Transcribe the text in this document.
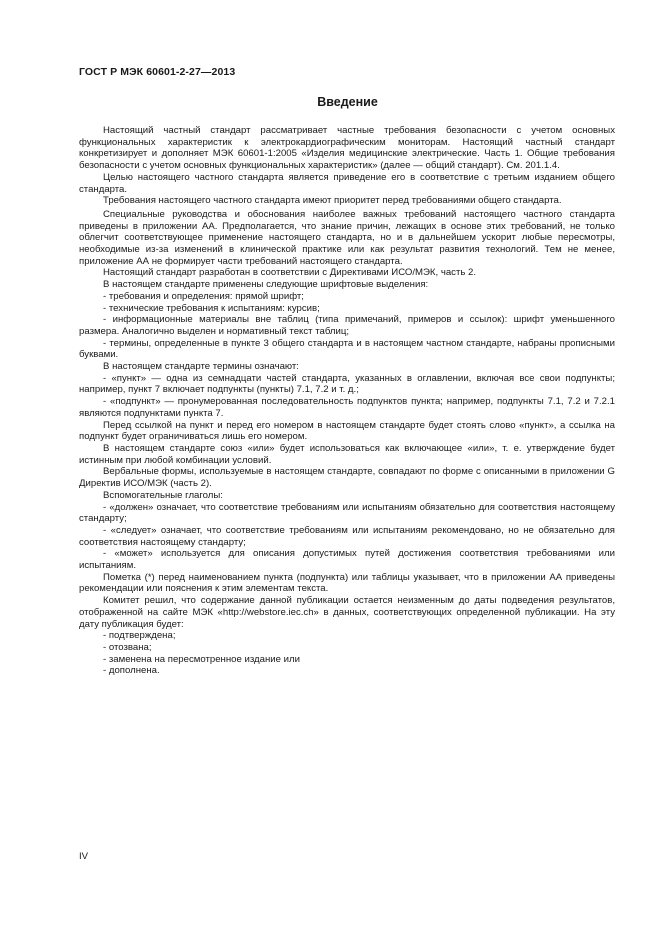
ГОСТ Р МЭК 60601-2-27—2013
Введение

Настоящий частный стандарт рассматривает частные требования безопасности с учетом основных функциональных характеристик к электрокардиографическим мониторам. Настоящий частный стандарт конкретизирует и дополняет МЭК 60601-1:2005 «Изделия медицинские электрические. Часть 1. Общие требования безопасности с учетом основных функциональных характеристик» (далее — общий стандарт). См. 201.1.4.

Целью настоящего частного стандарта является приведение его в соответствие с третьим изданием общего стандарта.

Требования настоящего частного стандарта имеют приоритет перед требованиями общего стандарта.

Специальные руководства и обоснования наиболее важных требований настоящего частного стандарта приведены в приложении АА. Предполагается, что знание причин, лежащих в основе этих требований, не только облегчит соответствующее применение настоящего стандарта, но и в дальнейшем ускорит любые пересмотры, необходимые из-за изменений в клинической практике или как результат развития технологий. Тем не менее, приложение АА не формирует части требований настоящего стандарта.

Настоящий стандарт разработан в соответствии с Директивами ИСО/МЭК, часть 2.

В настоящем стандарте применены следующие шрифтовые выделения:

- требования и определения: прямой шрифт;

- технические требования к испытаниям: курсив;

- информационные материалы вне таблиц (типа примечаний, примеров и ссылок): шрифт уменьшенного размера. Аналогично выделен и нормативный текст таблиц;

- термины, определенные в пункте 3 общего стандарта и в настоящем частном стандарте, набраны прописными буквами.

В настоящем стандарте термины означают:

- «пункт» — одна из семнадцати частей стандарта, указанных в оглавлении, включая все свои подпункты; например, пункт 7 включает подпункты (пункты) 7.1, 7.2 и т. д.;

- «подпункт» — пронумерованная последовательность подпунктов пункта; например, подпункты 7.1, 7.2 и 7.2.1 являются подпунктами пункта 7.

Перед ссылкой на пункт и перед его номером в настоящем стандарте будет стоять слово «пункт», а ссылка на подпункт будет ограничиваться лишь его номером.

В настоящем стандарте союз «или» будет использоваться как включающее «или», т. е. утверждение будет истинным при любой комбинации условий.

Вербальные формы, используемые в настоящем стандарте, совпадают по форме с описанными в приложении G Директив ИСО/МЭК (часть 2).

Вспомогательные глаголы:

- «должен» означает, что соответствие требованиям или испытаниям обязательно для соответствия настоящему стандарту;

- «следует» означает, что соответствие требованиям или испытаниям рекомендовано, но не обязательно для соответствия настоящему стандарту;

- «может» используется для описания допустимых путей достижения соответствия требованиями или испытаниям.

Пометка (*) перед наименованием пункта (подпункта) или таблицы указывает, что в приложении АА приведены рекомендации или пояснения к этим элементам текста.

Комитет решил, что содержание данной публикации остается неизменным до даты подведения результатов, отображенной на сайте МЭК «http://webstore.iec.ch» в данных, соответствующих определенной публикации. На эту дату публикация будет:

- подтверждена;

- отозвана;

- заменена на пересмотренное издание или

- дополнена.

IV
